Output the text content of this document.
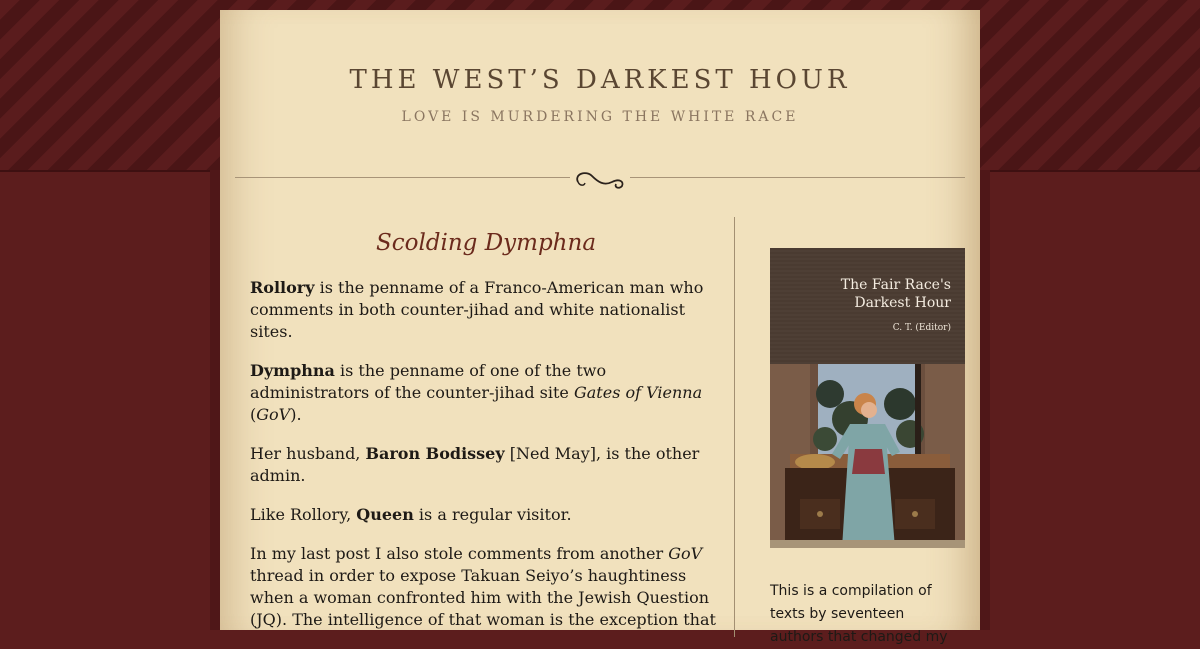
THE WEST’S DARKEST HOUR
LOVE IS MURDERING THE WHITE RACE
Scolding Dymphna

Rollory is the penname of a Franco-American man who comments in both counter-jihad and white nationalist sites.

Dymphna is the penname of one of the two administrators of the counter-jihad site Gates of Vienna (GoV).

Her husband, Baron Bodissey [Ned May], is the other admin.

Like Rollory, Queen is a regular visitor.

In my last post I also stole comments from another GoV thread in order to expose Takuan Seiyo’s haughtiness when a woman confronted him with the Jewish Question (JQ). The intelligence of that woman is the exception that

The Fair Race's
Darkest Hour
C. T. (Editor)
This is a compilation of texts by seventeen authors that changed my
